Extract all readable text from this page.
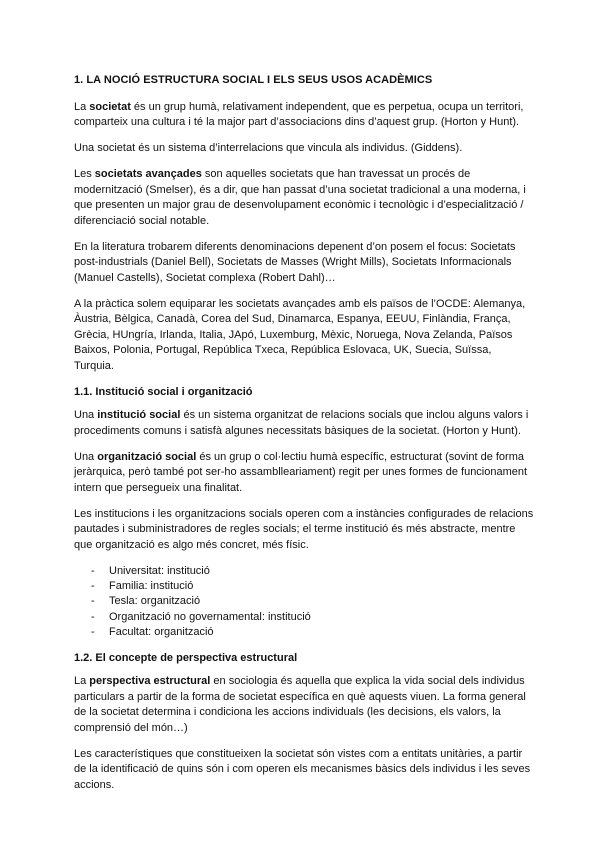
1. LA NOCIÓ ESTRUCTURA SOCIAL I ELS SEUS USOS ACADÈMICS

La societat és un grup humà, relativament independent, que es perpetua, ocupa un territori, comparteix una cultura i té la major part d’associacions dins d’aquest grup. (Horton y Hunt).

Una societat és un sistema d’interrelacions que vincula als individus. (Giddens).

Les societats avançades son aquelles societats que han travessat un procés de modernització (Smelser), és a dir, que han passat d’una societat tradicional a una moderna, i que presenten un major grau de desenvolupament econòmic i tecnològic i d’especialització / diferenciació social notable.

En la literatura trobarem diferents denominacions depenent d’on posem el focus: Societats post-industrials (Daniel Bell), Societats de Masses (Wright Mills), Societats Informacionals (Manuel Castells), Societat complexa (Robert Dahl)…

A la pràctica solem equiparar les societats avançades amb els països de l’OCDE: Alemanya, Àustria, Bèlgica, Canadà, Corea del Sud, Dinamarca, Espanya, EEUU, Finlàndia, França, Grècia, HUngría, Irlanda, Italia, JApó, Luxemburg, Mèxic, Noruega, Nova Zelanda, Països Baixos, Polonia, Portugal, República Txeca, República Eslovaca, UK, Suecia, Suïssa, Turquia.

1.1. Institució social i organització

Una institució social és un sistema organitzat de relacions socials que inclou alguns valors i procediments comuns i satisfà algunes necessitats bàsiques de la societat. (Horton y Hunt).

Una organització social és un grup o col·lectiu humà específic, estructurat (sovint de forma jeràrquica, però també pot ser-ho assamblleariament) regit per unes formes de funcionament intern que persegueix una finalitat.

Les institucions i les organitzacions socials operen com a instàncies configurades de relacions pautades i subministradores de regles socials; el terme institució és més abstracte, mentre que organització es algo més concret, més físic.

- Universitat: institució
- Familia: institució
- Tesla: organització
- Organització no governamental: institució
- Facultat: organització
1.2. El concepte de perspectiva estructural

La perspectiva estructural en sociologia és aquella que explica la vida social dels individus particulars a partir de la forma de societat específica en què aquests viuen. La forma general de la societat determina i condiciona les accions individuals (les decisions, els valors, la comprensió del món…)

Les característiques que constitueixen la societat són vistes com a entitats unitàries, a partir de la identificació de quins són i com operen els mecanismes bàsics dels individus i les seves accions.
